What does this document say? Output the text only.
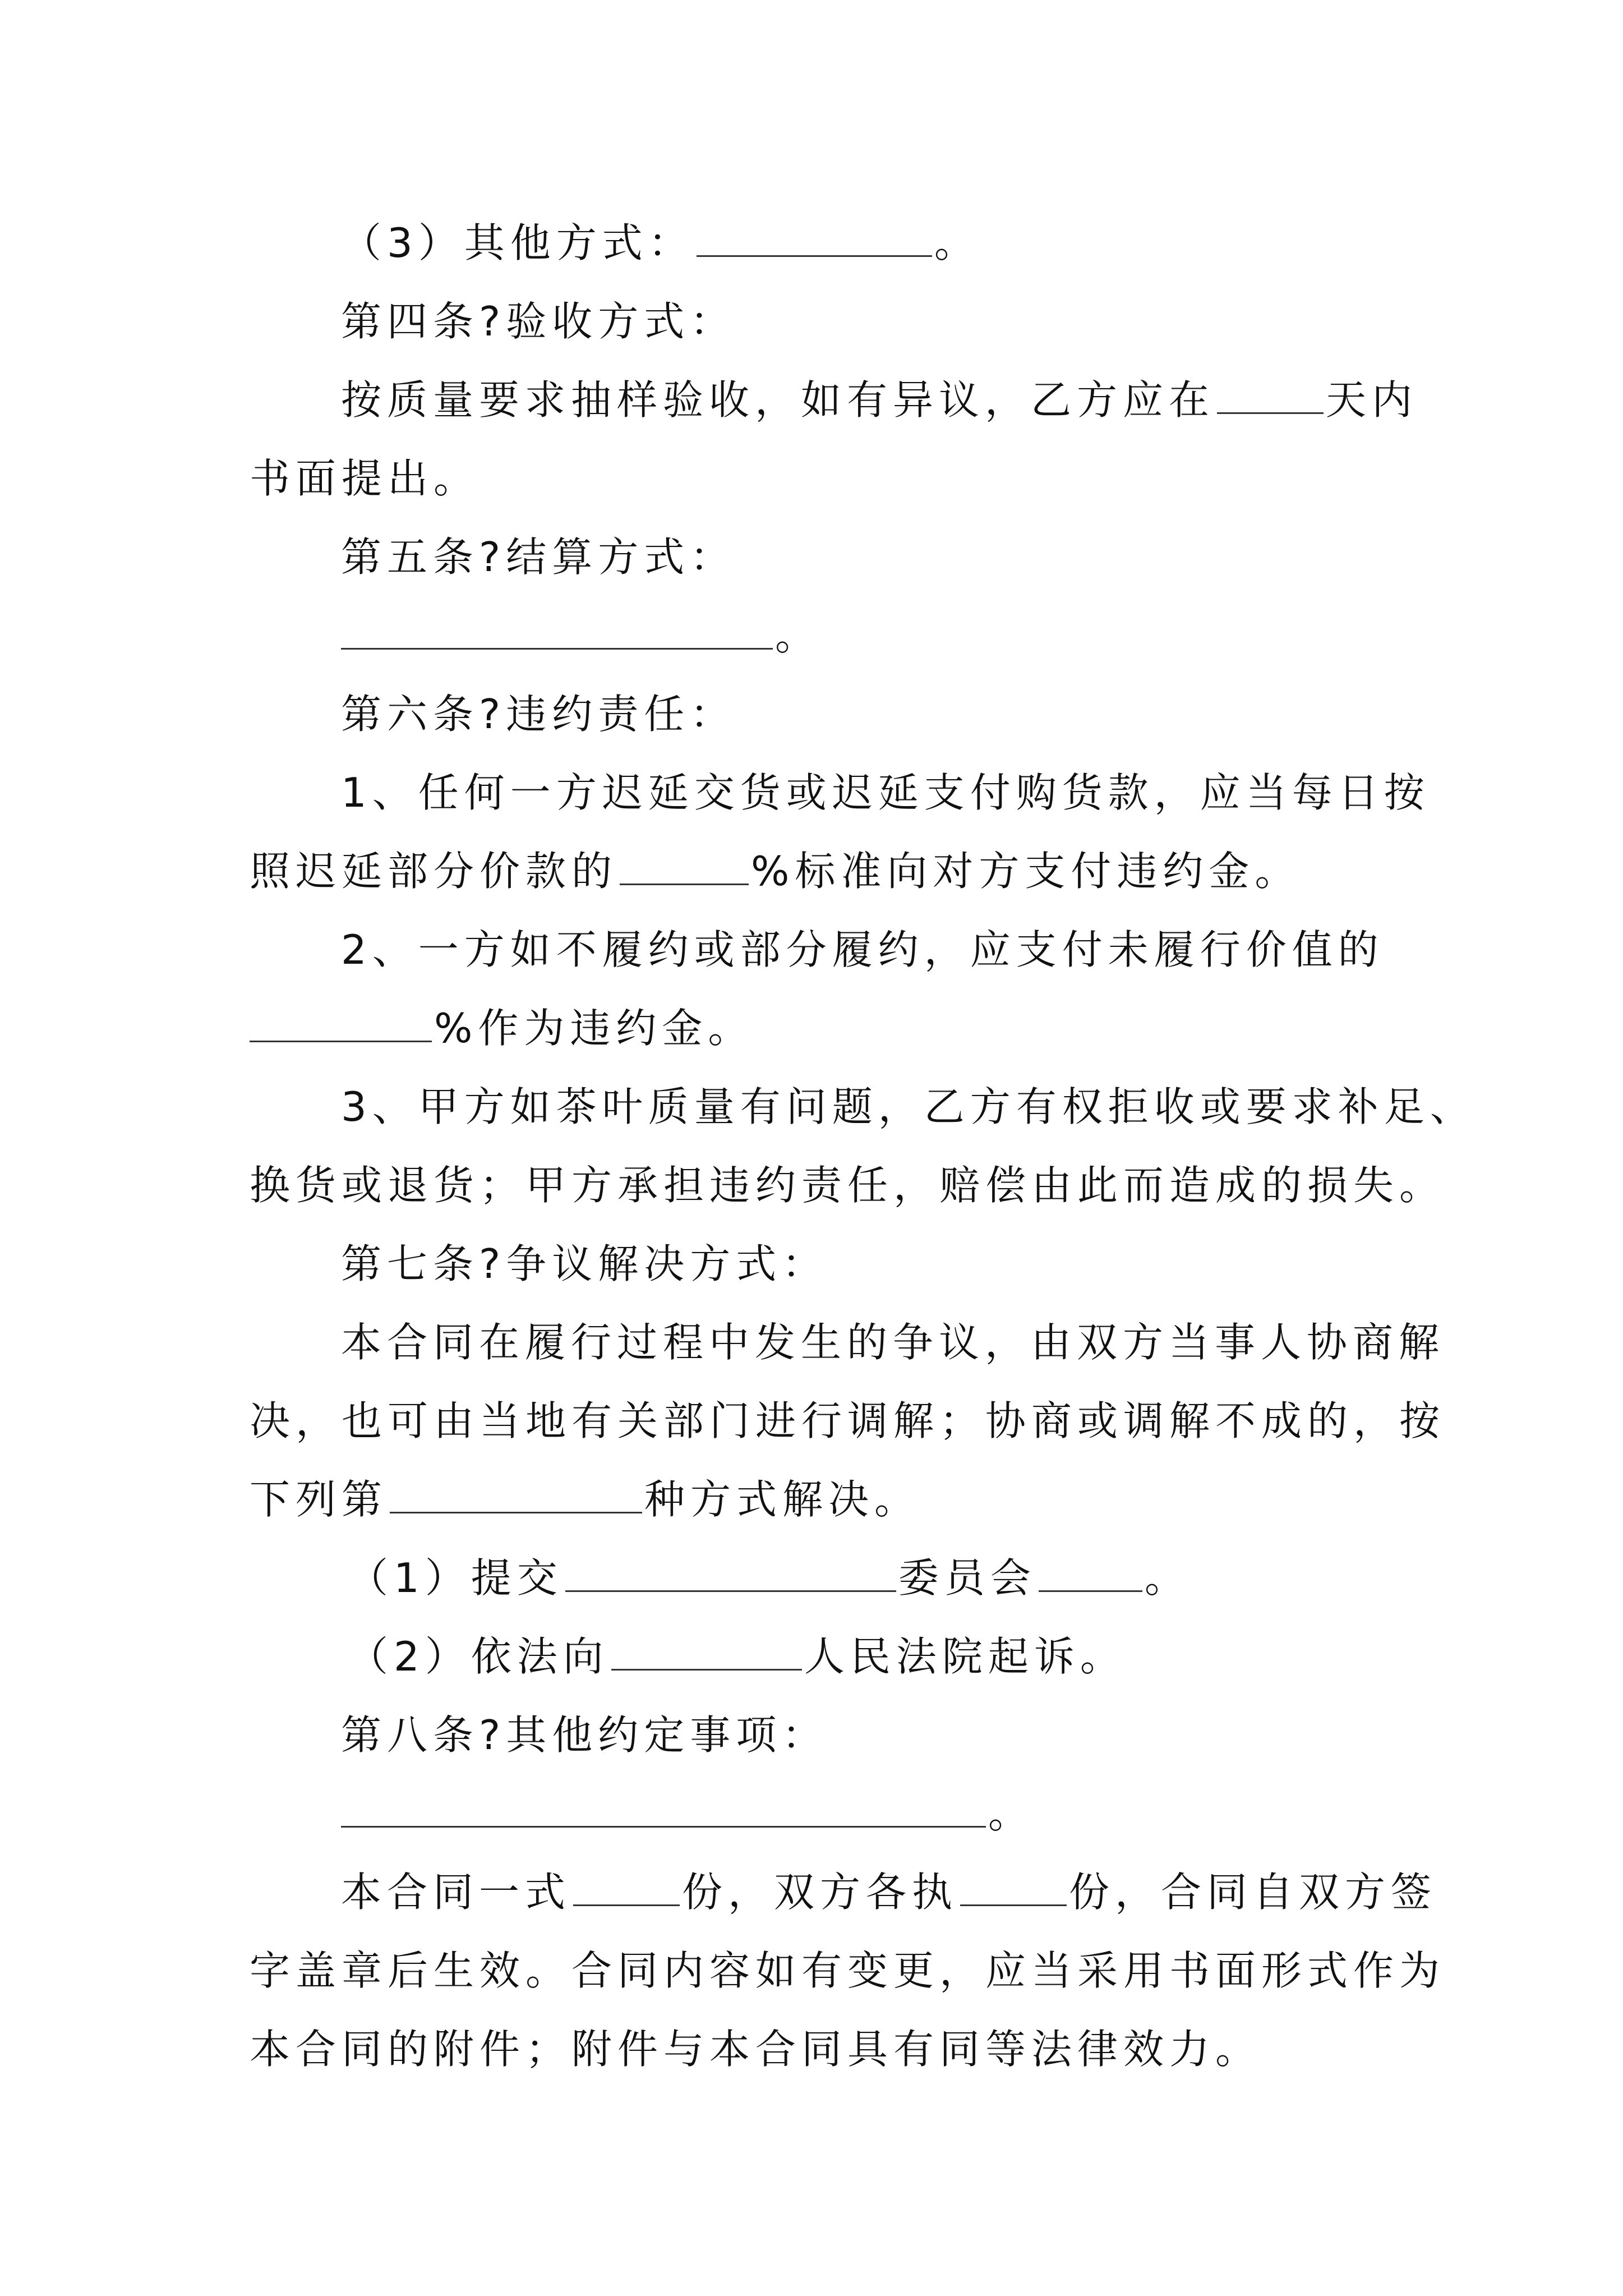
（3）其他方式：	。
第四条?验收方式：
按质量要求抽样验收，如有异议，乙方应在	天内
书面提出。
第五条?结算方式：
。
第六条?违约责任：
1、任何一方迟延交货或迟延支付购货款，应当每日按
照迟延部分价款的	%标准向对方支付违约金。
2、一方如不履约或部分履约，应支付未履行价值的
%作为违约金。
3、甲方如茶叶质量有问题，乙方有权拒收或要求补足、
换货或退货；甲方承担违约责任，赔偿由此而造成的损失。
第七条?争议解决方式：
本合同在履行过程中发生的争议，由双方当事人协商解
决，也可由当地有关部门进行调解；协商或调解不成的，按
下列第	种方式解决。
（1）提交	委员会	。
（2）依法向	人民法院起诉。
第八条?其他约定事项：
。
本合同一式	份，双方各执	份，合同自双方签
字盖章后生效。合同内容如有变更，应当采用书面形式作为
本合同的附件；附件与本合同具有同等法律效力。
